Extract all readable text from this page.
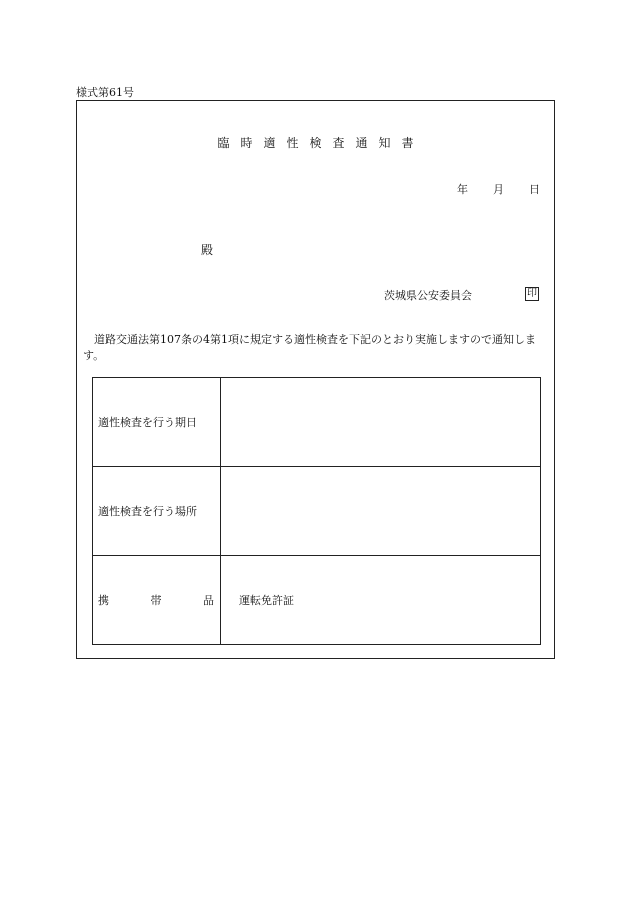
様式第61号
臨時適性検査通知書
年 月 日
殿
茨城県公安委員会	印
道路交通法第107条の4第1項に規定する適性検査を下記のとおり実施しますので通知します。
適性検査を行う期日	
適性検査を行う場所	

携 帯 品	運転免許証
